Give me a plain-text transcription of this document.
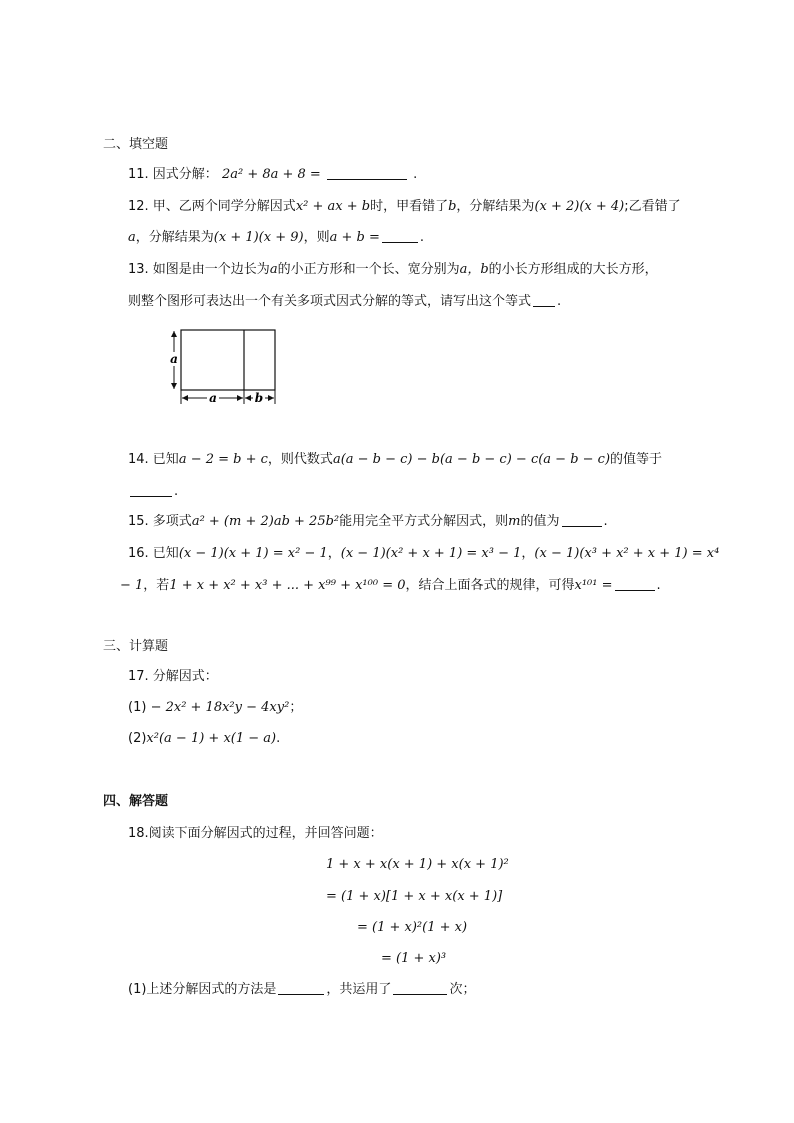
二、填空题
11. 因式分解： 2a² + 8a + 8 =	.
12. 甲、乙两个同学分解因式x² + ax + b时，甲看错了b，分解结果为(x + 2)(x + 4);乙看错了
a，分解结果为(x + 1)(x + 9)，则a + b =	.
13. 如图是由一个边长为a的小正方形和一个长、宽分别为a，b的小长方形组成的大长方形，
则整个图形可表达出一个有关多项式因式分解的等式，请写出这个等式 .
a
a	b
14. 已知a − 2 = b + c，则代数式a(a − b − c) − b(a − b − c) − c(a − b − c)的值等于
.
15. 多项式a² + (m + 2)ab + 25b²能用完全平方式分解因式，则m的值为	.
16. 已知(x − 1)(x + 1) = x² − 1，(x − 1)(x² + x + 1) = x³ − 1，(x − 1)(x³ + x² + x + 1) = x⁴
− 1，若1 + x + x² + x³ + ... + x⁹⁹ + x¹⁰⁰ = 0，结合上面各式的规律，可得x¹⁰¹ =	.
三、计算题
17. 分解因式：
(1) − 2x² + 18x²y − 4xy²；
(2)x²(a − 1) + x(1 − a).
四、解答题
18.阅读下面分解因式的过程，并回答问题：
1 + x + x(x + 1) + x(x + 1)²
= (1 + x)[1 + x + x(x + 1)]
= (1 + x)²(1 + x)
= (1 + x)³
(1)上述分解因式的方法是	，共运用了	次；
